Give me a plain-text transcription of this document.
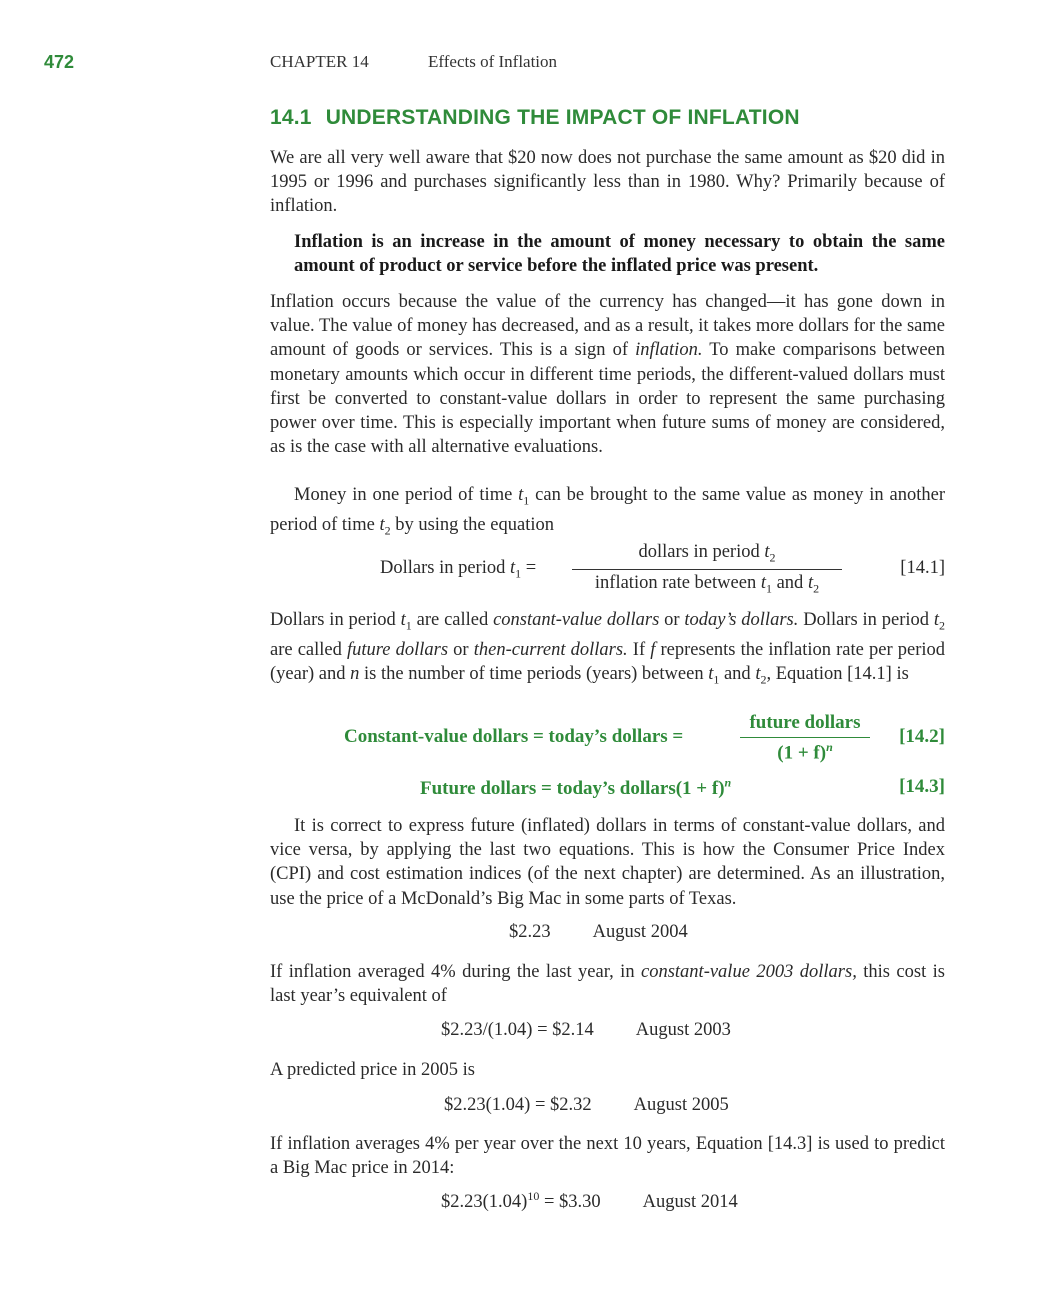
472	CHAPTER 14	Effects of Inflation
14.1 UNDERSTANDING THE IMPACT OF INFLATION

We are all very well aware that $20 now does not purchase the same amount as $20 did in 1995 or 1996 and purchases significantly less than in 1980. Why? Primarily because of inflation.

Inflation is an increase in the amount of money necessary to obtain the same amount of product or service before the inflated price was present.

Inflation occurs because the value of the currency has changed—it has gone down in value. The value of money has decreased, and as a result, it takes more dollars for the same amount of goods or services. This is a sign of inflation. To make comparisons between monetary amounts which occur in different time periods, the different-valued dollars must first be converted to constant-value dollars in order to represent the same purchasing power over time. This is especially important when future sums of money are considered, as is the case with all alternative evaluations.

Money in one period of time $t_1$ can be brought to the same value as money in another period of time $t_2$ by using the equation

Dollars in period $t_1$ =
dollars in period $t_2$
inflation rate between $t_1$ and $t_2$
[14.1]

Dollars in period $t_1$ are called constant-value dollars or today’s dollars. Dollars in period $t_2$ are called future dollars or then-current dollars. If f represents the inflation rate per period (year) and n is the number of time periods (years) between $t_1$ and $t_2$, Equation [14.1] is

Constant-value dollars = today’s dollars =
future dollars
$(1 + f)^n$	[14.2]
Future dollars = today’s dollars(1 + f)$^n$	[14.3]

It is correct to express future (inflated) dollars in terms of constant-value dollars, and vice versa, by applying the last two equations. This is how the Consumer Price Index (CPI) and cost estimation indices (of the next chapter) are determined. As an illustration, use the price of a McDonald’s Big Mac in some parts of Texas.

$2.23 August 2004

If inflation averaged 4% during the last year, in constant-value 2003 dollars, this cost is last year’s equivalent of

$2.23/(1.04) = $2.14 August 2003

A predicted price in 2005 is

$2.23(1.04) = $2.32 August 2005

If inflation averages 4% per year over the next 10 years, Equation [14.3] is used to predict a Big Mac price in 2014:

$\$2.23(1.04)^{10}$ = $3.30 August 2014
